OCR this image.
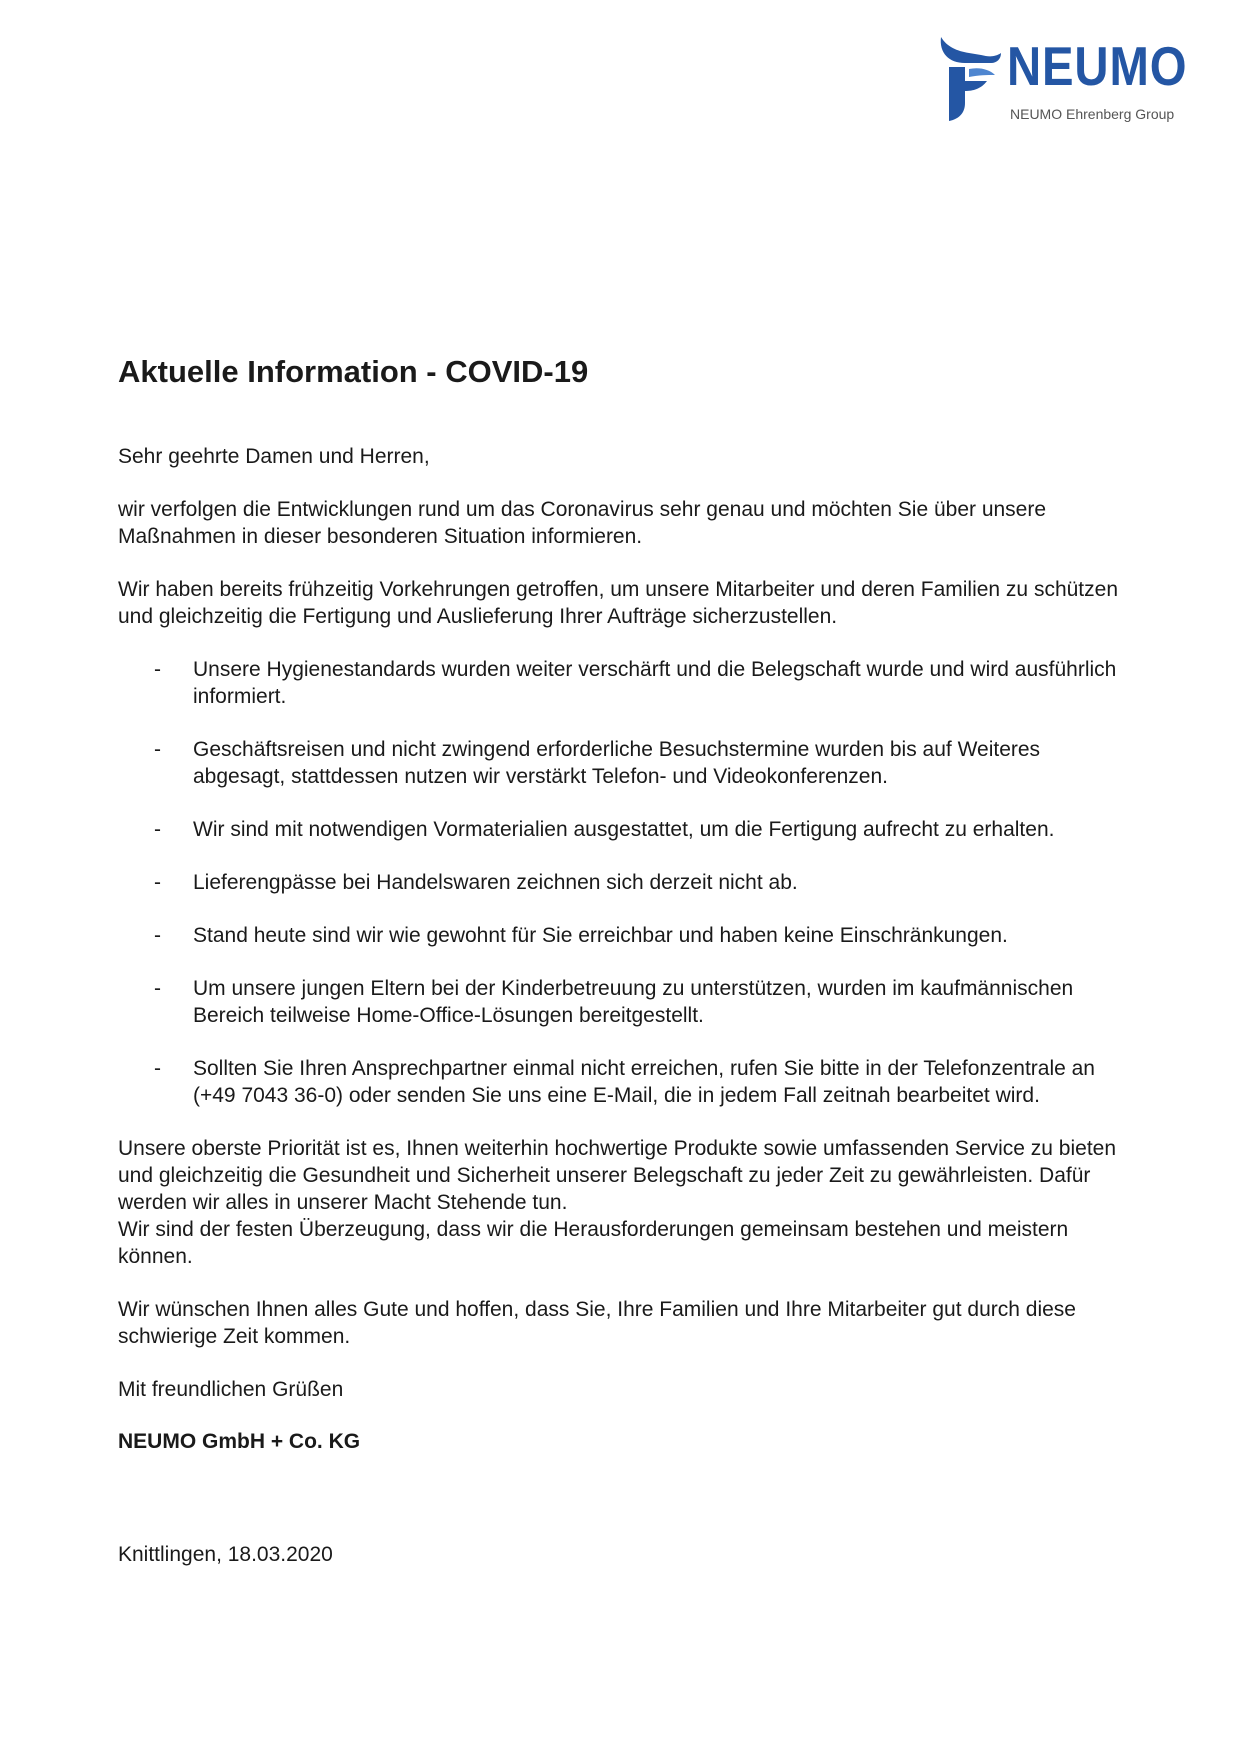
NEUMO
NEUMO Ehrenberg Group
Aktuelle Information - COVID-19

Sehr geehrte Damen und Herren,

wir verfolgen die Entwicklungen rund um das Coronavirus sehr genau und möchten Sie über unsere Maßnahmen in dieser besonderen Situation informieren.

Wir haben bereits frühzeitig Vorkehrungen getroffen, um unsere Mitarbeiter und deren Familien zu schützen und gleichzeitig die Fertigung und Auslieferung Ihrer Aufträge sicherzustellen.

- Unsere Hygienestandards wurden weiter verschärft und die Belegschaft wurde und wird ausführlich informiert.
- Geschäftsreisen und nicht zwingend erforderliche Besuchstermine wurden bis auf Weiteres abgesagt, stattdessen nutzen wir verstärkt Telefon- und Videokonferenzen.
- Wir sind mit notwendigen Vormaterialien ausgestattet, um die Fertigung aufrecht zu erhalten.
- Lieferengpässe bei Handelswaren zeichnen sich derzeit nicht ab.
- Stand heute sind wir wie gewohnt für Sie erreichbar und haben keine Einschränkungen.
- Um unsere jungen Eltern bei der Kinderbetreuung zu unterstützen, wurden im kaufmännischen Bereich teilweise Home-Office-Lösungen bereitgestellt.
- Sollten Sie Ihren Ansprechpartner einmal nicht erreichen, rufen Sie bitte in der Telefonzentrale an (+49 7043 36-0) oder senden Sie uns eine E-Mail, die in jedem Fall zeitnah bearbeitet wird.

Unsere oberste Priorität ist es, Ihnen weiterhin hochwertige Produkte sowie umfassenden Service zu bieten und gleichzeitig die Gesundheit und Sicherheit unserer Belegschaft zu jeder Zeit zu gewährleisten. Dafür werden wir alles in unserer Macht Stehende tun.

Wir sind der festen Überzeugung, dass wir die Herausforderungen gemeinsam bestehen und meistern können.

Wir wünschen Ihnen alles Gute und hoffen, dass Sie, Ihre Familien und Ihre Mitarbeiter gut durch diese schwierige Zeit kommen.

Mit freundlichen Grüßen

NEUMO GmbH + Co. KG

Knittlingen, 18.03.2020
